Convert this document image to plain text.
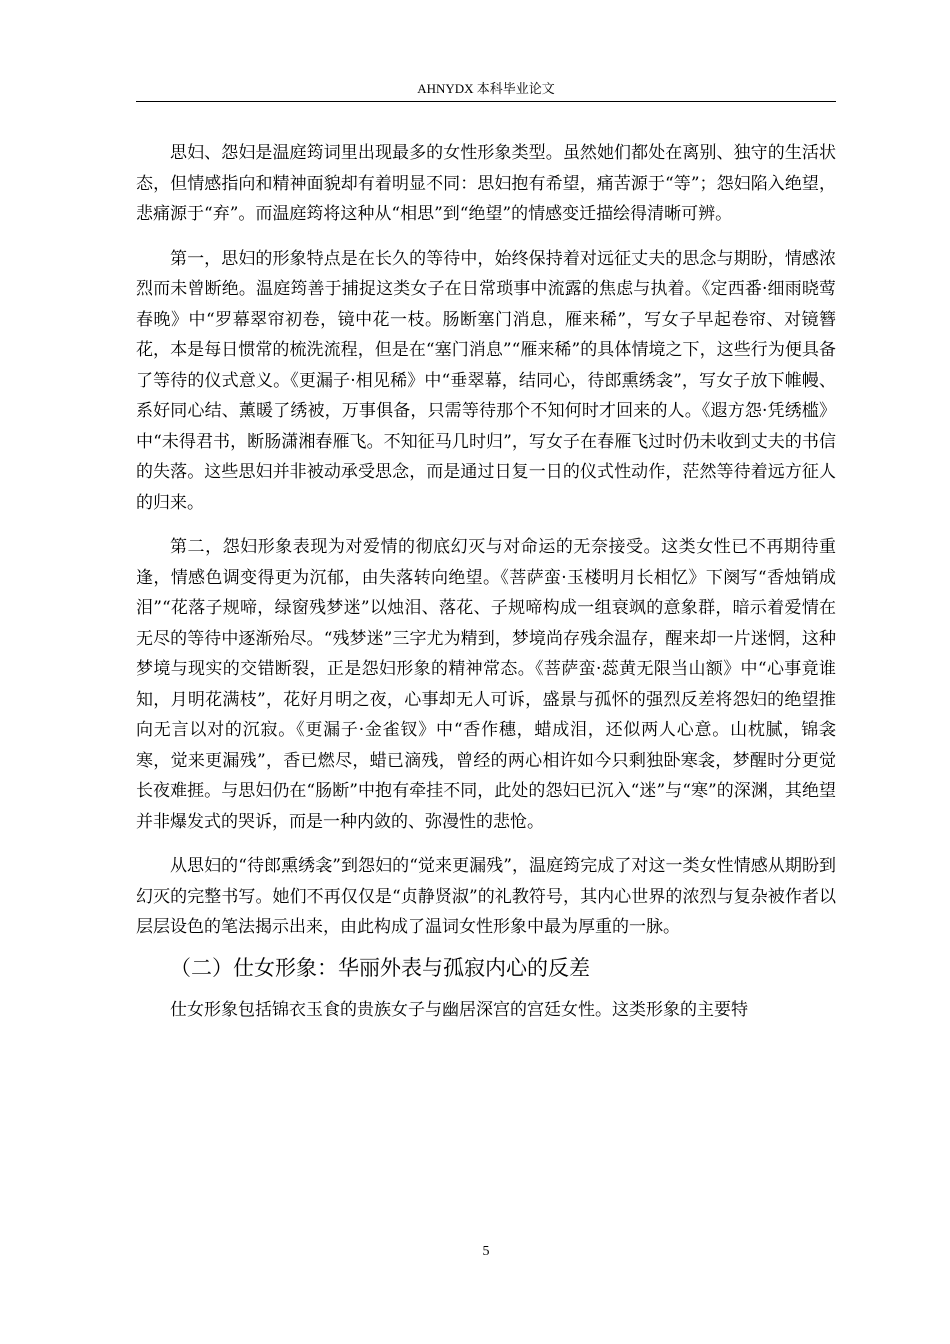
AHNYDX 本科毕业论文

思妇、怨妇是温庭筠词里出现最多的女性形象类型。虽然她们都处在离别、独守的生活状态，但情感指向和精神面貌却有着明显不同：思妇抱有希望，痛苦源于“等”；怨妇陷入绝望，悲痛源于“弃”。而温庭筠将这种从“相思”到“绝望”的情感变迁描绘得清晰可辨。

第一，思妇的形象特点是在长久的等待中，始终保持着对远征丈夫的思念与期盼，情感浓烈而未曾断绝。温庭筠善于捕捉这类女子在日常琐事中流露的焦虑与执着。《定西番·细雨晓莺春晚》中“罗幕翠帘初卷，镜中花一枝。肠断塞门消息，雁来稀”，写女子早起卷帘、对镜簪花，本是每日惯常的梳洗流程，但是在“塞门消息”“雁来稀”的具体情境之下，这些行为便具备了等待的仪式意义。《更漏子·相见稀》中“垂翠幕，结同心，待郎熏绣衾”，写女子放下帷幔、系好同心结、薰暖了绣被，万事俱备，只需等待那个不知何时才回来的人。《遐方怨·凭绣槛》中“未得君书，断肠潇湘春雁飞。不知征马几时归”，写女子在春雁飞过时仍未收到丈夫的书信的失落。这些思妇并非被动承受思念，而是通过日复一日的仪式性动作，茫然等待着远方征人的归来。

第二，怨妇形象表现为对爱情的彻底幻灭与对命运的无奈接受。这类女性已不再期待重逢，情感色调变得更为沉郁，由失落转向绝望。《菩萨蛮·玉楼明月长相忆》下阕写“香烛销成泪”“花落子规啼，绿窗残梦迷”以烛泪、落花、子规啼构成一组衰飒的意象群，暗示着爱情在无尽的等待中逐渐殆尽。“残梦迷”三字尤为精到，梦境尚存残余温存，醒来却一片迷惘，这种梦境与现实的交错断裂，正是怨妇形象的精神常态。《菩萨蛮·蕊黄无限当山额》中“心事竟谁知，月明花满枝”，花好月明之夜，心事却无人可诉，盛景与孤怀的强烈反差将怨妇的绝望推向无言以对的沉寂。《更漏子·金雀钗》中“香作穗，蜡成泪，还似两人心意。山枕腻，锦衾寒，觉来更漏残”，香已燃尽，蜡已滴残，曾经的两心相许如今只剩独卧寒衾，梦醒时分更觉长夜难捱。与思妇仍在“肠断”中抱有牵挂不同，此处的怨妇已沉入“迷”与“寒”的深渊，其绝望并非爆发式的哭诉，而是一种内敛的、弥漫性的悲怆。

从思妇的“待郎熏绣衾”到怨妇的“觉来更漏残”，温庭筠完成了对这一类女性情感从期盼到幻灭的完整书写。她们不再仅仅是“贞静贤淑”的礼教符号，其内心世界的浓烈与复杂被作者以层层设色的笔法揭示出来，由此构成了温词女性形象中最为厚重的一脉。

（二）仕女形象：华丽外表与孤寂内心的反差

仕女形象包括锦衣玉食的贵族女子与幽居深宫的宫廷女性。这类形象的主要特

5
